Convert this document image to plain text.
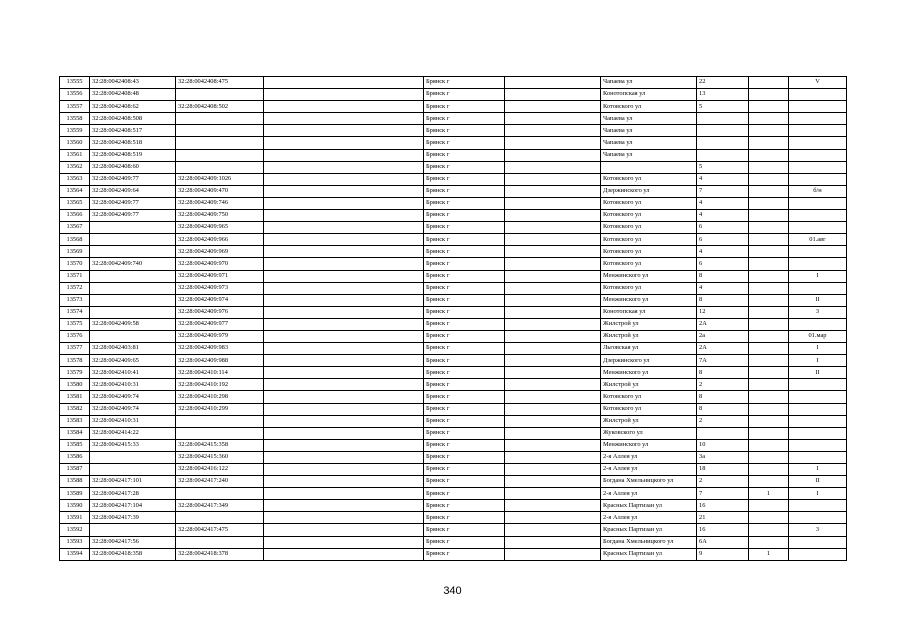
13555	32:28:0042408:43	32:28:0042408:475		Брянск г		Чапаева ул	22		V
13556	32:28:0042408:48			Брянск г		Конотопская ул	13		
13557	32:28:0042408:62	32:28:0042408:502		Брянск г		Котовского ул	5		
13558	32:28:0042408:508			Брянск г		Чапаева ул			
13559	32:28:0042408:517			Брянск г		Чапаева ул			
13560	32:28:0042408:518			Брянск г		Чапаева ул			
13561	32:28:0042408:519			Брянск г		Чапаева ул			
13562	32:28:0042408:60			Брянск г			5		
13563	32:28:0042409:77	32:28:0042409:1026		Брянск г		Котовского ул	4		
13564	32:28:0042409:64	32:28:0042409:470		Брянск г		Дзержинского ул	7		б/н
13565	32:28:0042409:77	32:28:0042409:746		Брянск г		Котовского ул	4		
13566	32:28:0042409:77	32:28:0042409:750		Брянск г		Котовского ул	4		
13567		32:28:0042409:965		Брянск г		Котовского ул	6		
13568		32:28:0042409:966		Брянск г		Котовского ул	6		01.авг
13569		32:28:0042409:969		Брянск г		Котовского ул	4		
13570	32:28:0042409:740	32:28:0042409:970		Брянск г		Котовского ул	6		
13571		32:28:0042409:971		Брянск г		Менжинского ул	8		I
13572		32:28:0042409:973		Брянск г		Котовского ул	4		
13573		32:28:0042409:974		Брянск г		Менжинского ул	8		II
13574		32:28:0042409:976		Брянск г		Конотопская ул	12		3
13575	32:28:0042409:58	32:28:0042409:977		Брянск г		Жилстрой ул	2А		
13576		32:28:0042409:979		Брянск г		Жилстрой ул	2а		01.мар
13577	32:28:0042403:81	32:28:0042409:983		Брянск г		Льговская ул	2А		I
13578	32:28:0042409:65	32:28:0042409:988		Брянск г		Дзержинского ул	7А		I
13579	32:28:0042410:41	32:28:0042410:114		Брянск г		Менжинского ул	8		II
13580	32:28:0042410:31	32:28:0042410:192		Брянск г		Жилстрой ул	2		
13581	32:28:0042409:74	32:28:0042410:298		Брянск г		Котовского ул	8		
13582	32:28:0042409:74	32:28:0042410:299		Брянск г		Котовского ул	8		
13583	32:28:0042410:31			Брянск г		Жилстрой ул	2		
13584	32:28:0042414:22			Брянск г		Жуковского ул			
13585	32:28:0042415:33	32:28:0042415:358		Брянск г		Менжинского ул	10		
13586		32:28:0042415:360		Брянск г		2-я Аллея ул	3а		
13587		32:28:0042416:122		Брянск г		2-я Аллея ул	18		I
13588	32:28:0042417:101	32:28:0042417:240		Брянск г		Богдана Хмельницкого ул	2		II
13589	32:28:0042417:28			Брянск г		2-я Аллея ул	7	1	I
13590	32:28:0042417:104	32:28:0042417:349		Брянск г		Красных Партизан ул	16		
13591	32:28:0042417:39			Брянск г		2-я Аллея ул	21		
13592		32:28:0042417:475		Брянск г		Красных Партизан ул	16		3
13593	32:28:0042417:56			Брянск г		Богдана Хмельницкого ул	6А		
13594	32:28:0042418:358	32:28:0042418:378		Брянск г		Красных Партизан ул	9	1	
340
